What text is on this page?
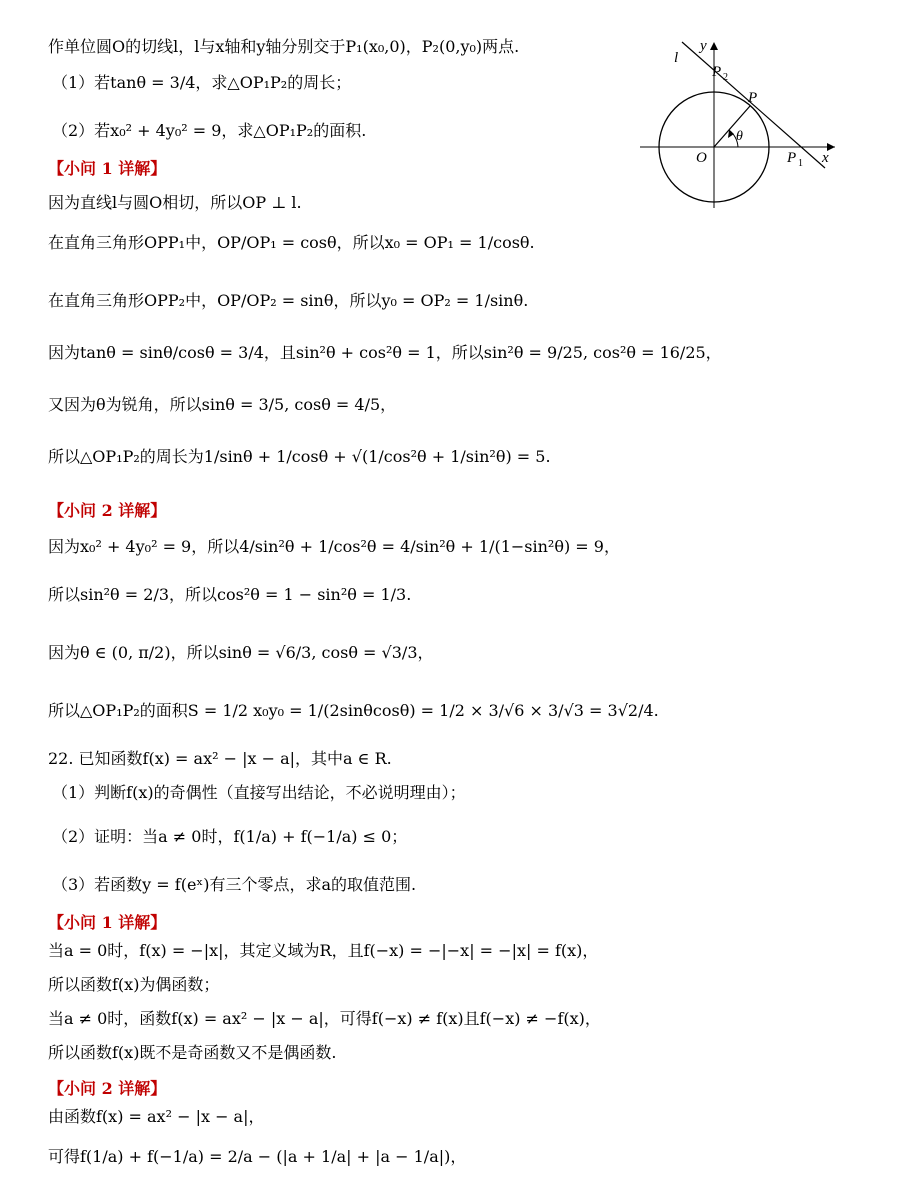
作单位圆O的切线l，l与x轴和y轴分别交于P₁(x₀,0)，P₂(0,y₀)两点.
（1）若tanθ = 3/4，求△OP₁P₂的周长；
（2）若x₀² + 4y₀² = 9，求△OP₁P₂的面积.
【小问 1 详解】
因为直线l与圆O相切，所以OP ⊥ l.
在直角三角形OPP₁中，OP/OP₁ = cosθ，所以x₀ = OP₁ = 1/cosθ.
在直角三角形OPP₂中，OP/OP₂ = sinθ，所以y₀ = OP₂ = 1/sinθ.
因为tanθ = sinθ/cosθ = 3/4，且sin²θ + cos²θ = 1，所以sin²θ = 9/25, cos²θ = 16/25，
又因为θ为锐角，所以sinθ = 3/5, cosθ = 4/5，
所以△OP₁P₂的周长为1/sinθ + 1/cosθ + √(1/cos²θ + 1/sin²θ) = 5.
【小问 2 详解】
因为x₀² + 4y₀² = 9，所以4/sin²θ + 1/cos²θ = 4/sin²θ + 1/(1−sin²θ) = 9，
所以sin²θ = 2/3，所以cos²θ = 1 − sin²θ = 1/3.
因为θ ∈ (0, π/2)，所以sinθ = √6/3, cosθ = √3/3，
所以△OP₁P₂的面积S = 1/2 x₀y₀ = 1/(2sinθcosθ) = 1/2 × 3/√6 × 3/√3 = 3√2/4.
22. 已知函数f(x) = ax² − |x − a|，其中a ∈ R.
（1）判断f(x)的奇偶性（直接写出结论，不必说明理由）；
（2）证明：当a ≠ 0时，f(1/a) + f(−1/a) ≤ 0；
（3）若函数y = f(eˣ)有三个零点，求a的取值范围.
【小问 1 详解】
当a = 0时，f(x) = −|x|，其定义域为R，且f(−x) = −|−x| = −|x| = f(x)，
所以函数f(x)为偶函数；
当a ≠ 0时，函数f(x) = ax² − |x − a|，可得f(−x) ≠ f(x)且f(−x) ≠ −f(x)，
所以函数f(x)既不是奇函数又不是偶函数.
【小问 2 详解】
由函数f(x) = ax² − |x − a|，
可得f(1/a) + f(−1/a) = 2/a − (|a + 1/a| + |a − 1/a|)，
y
x
l
P
P 2
P 1
O
θ
